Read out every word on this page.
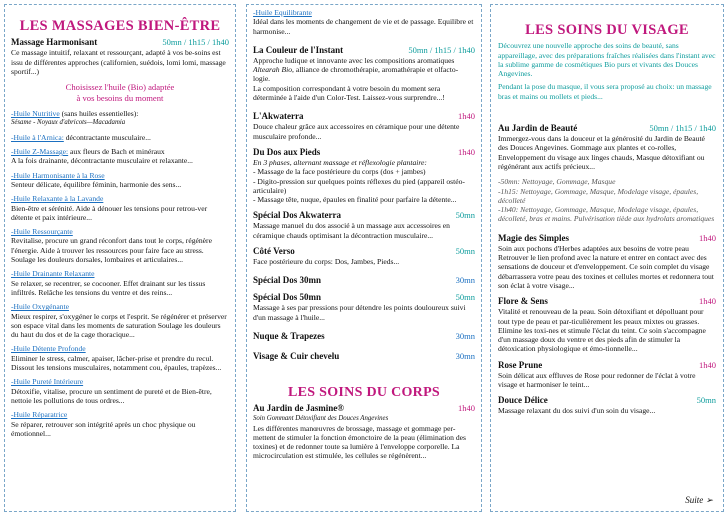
LES MASSAGES BIEN-ÊTRE
Massage Harmonisant	50mn / 1h15 / 1h40

Ce massage intuitif, relaxant et ressourçant, adapté à vos be-soins est issu de différentes approches (californien, suédois, lomi lomi, massage sportif...)

Choisissez l'huile (Bio) adaptée
à vos besoins du moment

-Huile Nutritive (sans huiles essentielles):

Sésame - Noyaux d'abricots—Macadamia

-Huile à l'Arnica: décontractante musculaire...

-Huile Z-Massage: aux fleurs de Bach et minéraux

A la fois drainante, décontractante musculaire et relaxante...

-Huile Harmonisante à la Rose

Senteur délicate, équilibre féminin, harmonie des sens...

-Huile Relaxante à la Lavande

Bien-être et sérénité. Aide à dénouer les tensions pour retrou-ver détente et paix intérieure...

-Huile Ressourçante

Revitalise, procure un grand réconfort dans tout le corps, régénère l'énergie. Aide à trouver les ressources pour faire face au stress. Soulage les douleurs dorsales, lombaires et articulaires...

-Huile Drainante Relaxante

Se relaxer, se recentrer, se cocooner. Effet drainant sur les tissus infiltrés. Relâche les tensions du ventre et des reins...

-Huile Oxygénante

Mieux respirer, s'oxygéner le corps et l'esprit. Se régénérer et préserver son espace vital dans les moments de saturation Soulage les douleurs du haut du dos et de la cage thoracique...

-Huile Détente Profonde

Eliminer le stress, calmer, apaiser, lâcher-prise et prendre du recul. Dissout les tensions musculaires, notamment cou, épaules, trapèzes...

-Huile Pureté Intérieure

Détoxifie, vitalise, procure un sentiment de pureté et de Bien-être, nettoie les pollutions de tous ordres...

-Huile Réparatrice

Se réparer, retrouver son intégrité après un choc physique ou émotionnel...

-Huile Equilibrante

Idéal dans les moments de changement de vie et de passage. Equilibre et harmonise...

La Couleur de l'Instant	50mn / 1h15 / 1h40

Approche ludique et innovante avec les compositions aromatiques Altearah Bio, alliance de chromothérapie, aromathérapie et olfacto-logie.

La composition correspondant à votre besoin du moment sera déterminée à l'aide d'un Color-Test. Laissez-vous surprendre...!

L'Akwaterra	1h40

Douce chaleur grâce aux accessoires en céramique pour une détente musculaire profonde...

Du Dos aux Pieds	1h40

En 3 phases, alternant massage et réflexologie plantaire:

- Massage de la face postérieure du corps (dos + jambes)

- Digito-pression sur quelques points réflexes du pied (appareil ostéo-articulaire)

- Massage tête, nuque, épaules en finalité pour parfaire la détente...

Spécial Dos Akwaterra	50mn

Massage manuel du dos associé à un massage aux accessoires en céramique chauds optimisant la décontraction musculaire...

Côté Verso	50mn

Face postérieure du corps: Dos, Jambes, Pieds...

Spécial Dos 30mn	30mn
Spécial Dos 50mn	50mn

Massage à ses par pressions pour détendre les points douloureux suivi d'un massage à l'huile...

Nuque & Trapezes	30mn
Visage & Cuir chevelu	30mn
LES SOINS DU CORPS
Au Jardin de Jasmine®	1h40

Soin Gommant Détoxifiant des Douces Angevines

Les différentes manœuvres de brossage, massage et gommage per-mettent de stimuler la fonction émonctoire de la peau (élimination des toxines) et de redonner toute sa lumière à l'enveloppe corporelle. La microcirculation est stimulée, les cellules se régénèrent...

LES SOINS DU VISAGE

Découvrez une nouvelle approche des soins de beauté, sans appareillage, avec des préparations fraîches réalisées dans l'instant avec la sublime gamme de cosmétiques Bio purs et vivants des Douces Angevines.

Pendant la pose du masque, il vous sera proposé au choix: un massage bras et mains ou mollets et pieds...

Au Jardin de Beauté	50mn / 1h15 / 1h40

Immergez-vous dans la douceur et la générosité du Jardin de Beauté des Douces Angevines. Gommage aux plantes et co-rolles, Enveloppement du visage aux linges chauds, Masque détoxifiant ou régénérant aux actifs précieux...

-50mn: Nettoyage, Gommage, Masque

-1h15: Nettoyage, Gommage, Masque, Modelage visage, épaules, décolleté

-1h40: Nettoyage, Gommage, Masque, Modelage visage, épaules, décolleté, bras et mains. Pulvérisation tiède aux hydrolats aromatiques

Magie des Simples	1h40

Soin aux pochons d'Herbes adaptées aux besoins de votre peau Retrouver le lien profond avec la nature et entrer en contact avec des sensations de douceur et d'enveloppement. Ce soin complet du visage débarrassera votre peau des toxines et cellules mortes et redonnera tout son éclat à votre visage...

Flore & Sens	1h40

Vitalité et renouveau de la peau. Soin détoxifiant et dépolluant pour tout type de peau et par-ticulièrement les peaux mixtes ou grasses. Elimine les toxi-nes et stimule l'éclat du teint. Ce soin s'accompagne d'un massage doux du ventre et des pieds afin de stimuler la détoxication physiologique et émo-tionnelle...

Rose Prune	1h40

Soin délicat aux effluves de Rose pour redonner de l'éclat à votre visage et harmoniser le teint...

Douce Délice	50mn

Massage relaxant du dos suivi d'un soin du visage...

Suite ➢
